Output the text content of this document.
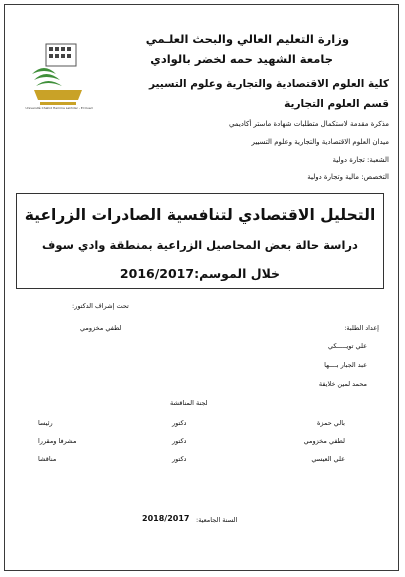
Université Chahid Hamma Lakhdar - El Oued
وزارة التعليم العالي والبحث العلـمي
جامعة الشهيد حمه لخضر بالوادي
كلية العلوم الاقتصادية والتجارية وعلوم التسيير
قسم العلوم التجارية
مذكرة مقدمة لاستكمال متطلبات شهادة ماستر أكاديمي
ميدان العلوم الاقتصادية والتجارية وعلوم التسيير
الشعبة: تجارة دولية
التخصص: مالية وتجارة دولية
التحليل الاقتصادي لتنافسية الصادرات الزراعية
دراسة حالة بعض المحاصيل الزراعية بمنطقة وادي سوف
خلال الموسم:2016/2017
تحت إشراف الدكتور:
لطفي مخزومي	إعداد الطلبة:
علي تويـــــكي
عبد الجبار بــــها
محمد لمين خلايفة
لجنة المناقشة
بالي حمزة
دكتور
رئيسا
لطفي مخزومي
دكتور
مشرفا ومقررا
علي العيسي
دكتور
مناقشا
السنة الجامعية:
2018/2017
